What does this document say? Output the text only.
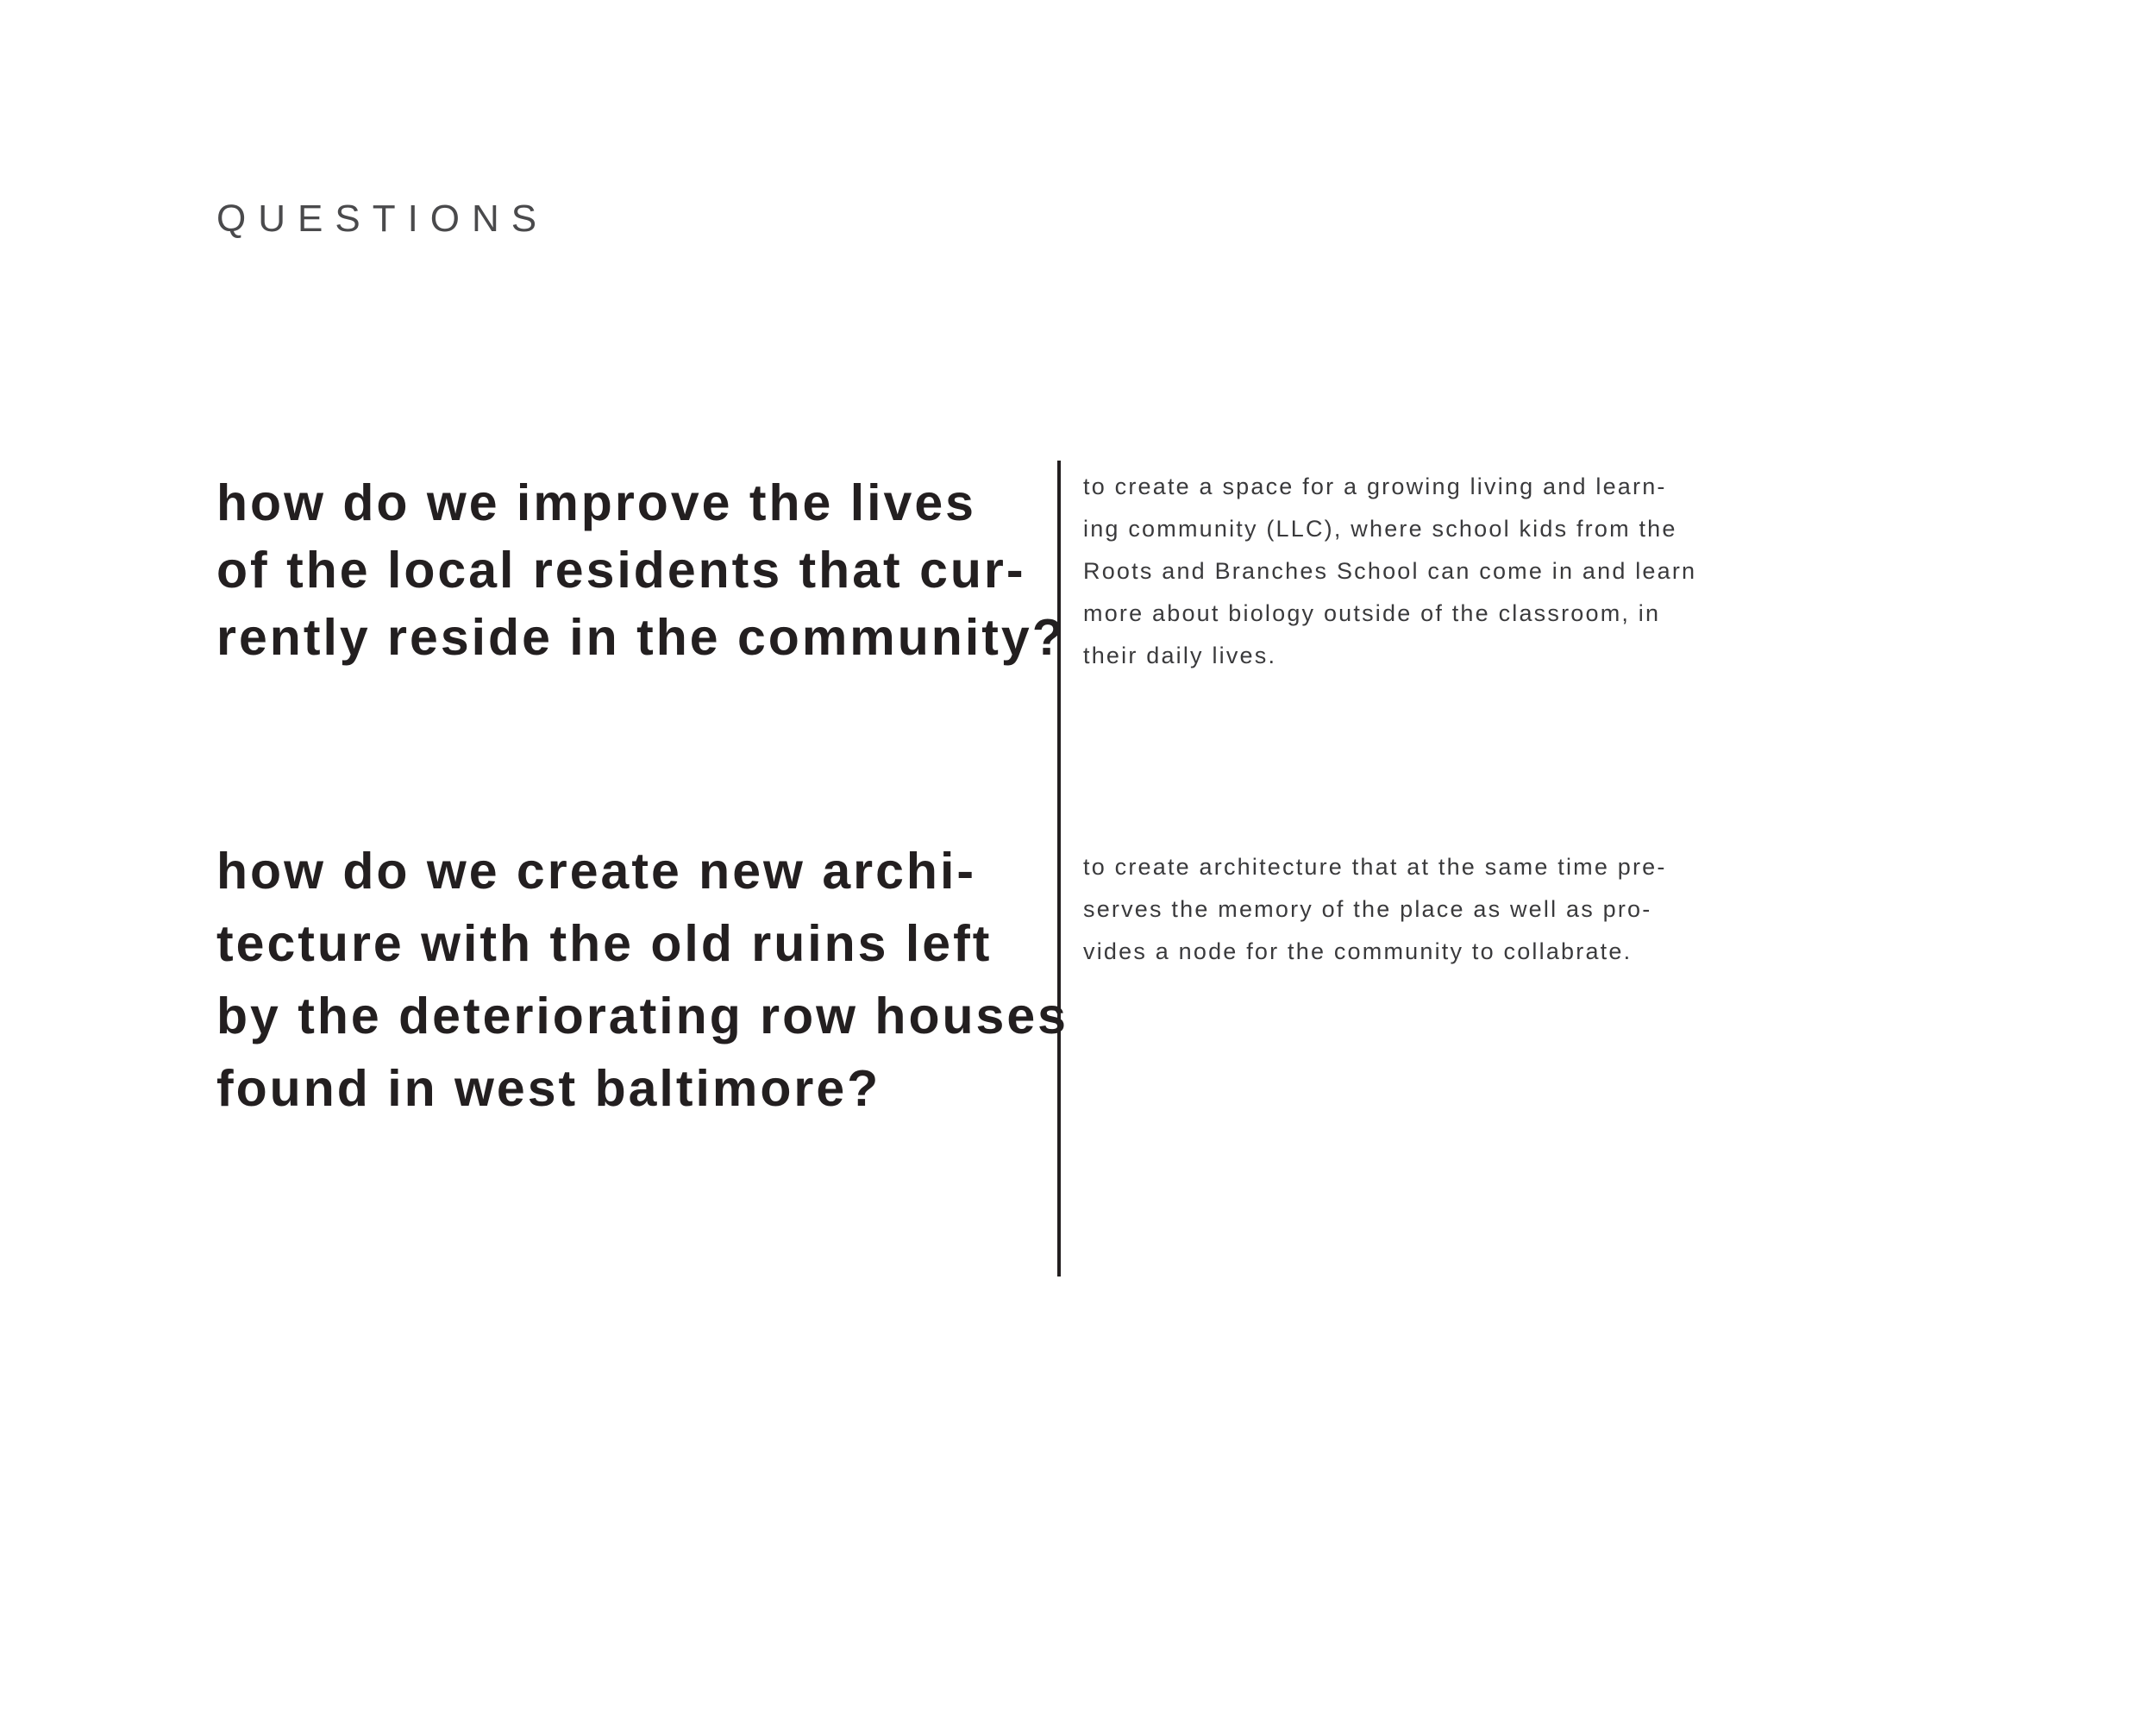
QUESTIONS
how do we improve the lives
of the local residents that cur-
rently reside in the community?

to create a space for a growing living and learn-
ing community (LLC), where school kids from the
Roots and Branches School can come in and learn
more about biology outside of the classroom, in
their daily lives.

how do we create new archi-
tecture with the old ruins left
by the deteriorating row houses
found in west baltimore?

to create architecture that at the same time pre-
serves the memory of the place as well as pro-
vides a node for the community to collabrate.
